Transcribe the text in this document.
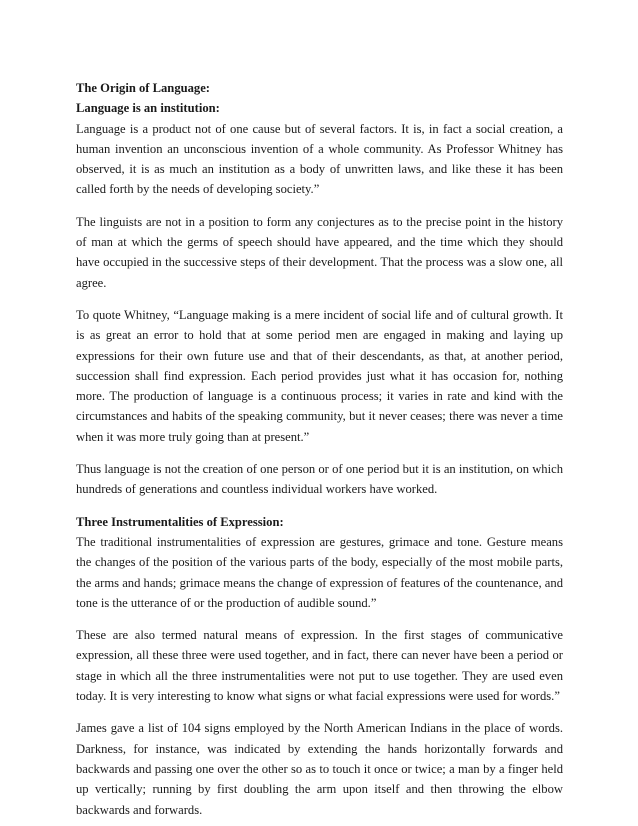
The Origin of Language:

Language is an institution:

Language is a product not of one cause but of several factors. It is, in fact a social creation, a human invention an unconscious invention of a whole community. As Professor Whitney has observed, it is as much an institution as a body of unwritten laws, and like these it has been called forth by the needs of developing society.”

The linguists are not in a position to form any conjectures as to the precise point in the history of man at which the germs of speech should have appeared, and the time which they should have occupied in the successive steps of their development. That the process was a slow one, all agree.

To quote Whitney, “Language making is a mere incident of social life and of cultural growth. It is as great an error to hold that at some period men are engaged in making and laying up expressions for their own future use and that of their descendants, as that, at another period, succession shall find expression. Each period provides just what it has occasion for, nothing more. The production of language is a continuous process; it varies in rate and kind with the circumstances and habits of the speaking community, but it never ceases; there was never a time when it was more truly going than at present.”

Thus language is not the creation of one person or of one period but it is an institution, on which hundreds of generations and countless individual workers have worked.

Three Instrumentalities of Expression:

The traditional instrumentalities of expression are gestures, grimace and tone. Gesture means the changes of the position of the various parts of the body, especially of the most mobile parts, the arms and hands; grimace means the change of expression of features of the countenance, and tone is the utterance of or the production of audible sound.”

These are also termed natural means of expression. In the first stages of communicative expression, all these three were used together, and in fact, there can never have been a period or stage in which all the three instrumentalities were not put to use together. They are used even today. It is very interesting to know what signs or what facial expressions were used for words.”

James gave a list of 104 signs employed by the North American Indians in the place of words. Darkness, for instance, was indicated by extending the hands horizontally forwards and backwards and passing one over the other so as to touch it once or twice; a man by a finger held up vertically; running by first doubling the arm upon itself and then throwing the elbow backwards and forwards.
